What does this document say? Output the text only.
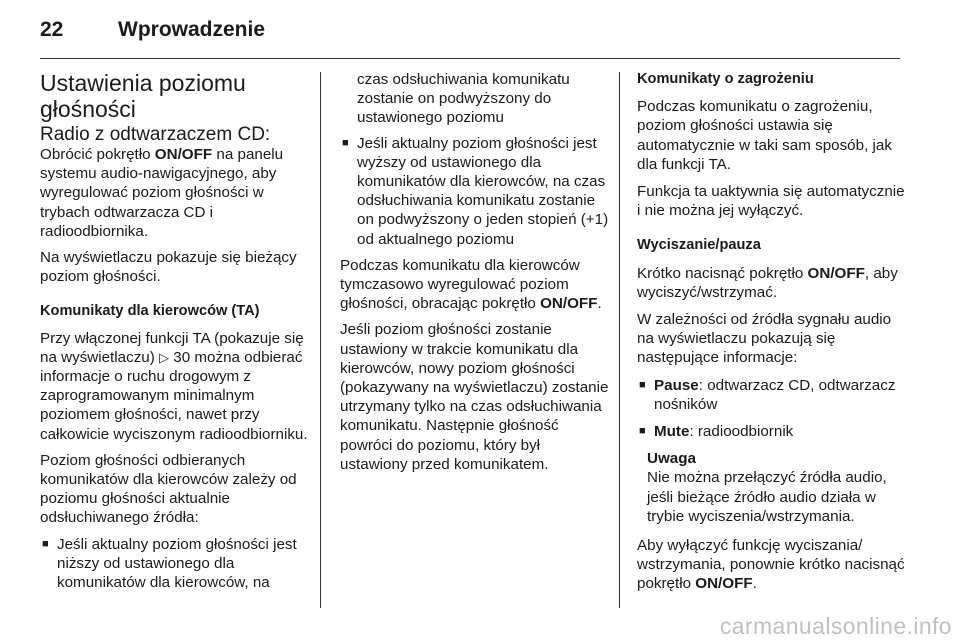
22	Wprowadzenie
Ustawienia poziomu głośności
Radio z odtwarzaczem CD:

Obrócić pokrętło ON/OFF na panelu systemu audio-nawigacyjnego, aby wyregulować poziom głośności w trybach odtwarzacza CD i radioodbiornika.

Na wyświetlaczu pokazuje się bieżący poziom głośności.

Komunikaty dla kierowców (TA)

Przy włączonej funkcji TA (pokazuje się na wyświetlaczu) ▷ 30 można odbierać informacje o ruchu drogowym z zaprogramowanym minimalnym poziomem głośności, nawet przy całkowicie wyciszonym radioodbiorniku.

Poziom głośności odbieranych komunikatów dla kierowców zależy od poziomu głośności aktualnie odsłuchiwanego źródła:

■ Jeśli aktualny poziom głośności jest niższy od ustawionego dla komunikatów dla kierowców, na

czas odsłuchiwania komunikatu zostanie on podwyższony do ustawionego poziomu

■ Jeśli aktualny poziom głośności jest wyższy od ustawionego dla komunikatów dla kierowców, na czas odsłuchiwania komunikatu zostanie on podwyższony o jeden stopień (+1) od aktualnego poziomu

Podczas komunikatu dla kierowców tymczasowo wyregulować poziom głośności, obracając pokrętło ON/OFF.

Jeśli poziom głośności zostanie ustawiony w trakcie komunikatu dla kierowców, nowy poziom głośności (pokazywany na wyświetlaczu) zostanie utrzymany tylko na czas odsłuchiwania komunikatu. Następnie głośność powróci do poziomu, który był ustawiony przed komunikatem.

Komunikaty o zagrożeniu

Podczas komunikatu o zagrożeniu, poziom głośności ustawia się automatycznie w taki sam sposób, jak dla funkcji TA.

Funkcja ta uaktywnia się automatycznie i nie można jej wyłączyć.

Wyciszanie/pauza

Krótko nacisnąć pokrętło ON/OFF, aby wyciszyć/wstrzymać.

W zależności od źródła sygnału audio na wyświetlaczu pokazują się następujące informacje:

■ Pause: odtwarzacz CD, odtwarzacz nośników

■ Mute: radioodbiornik

Uwaga
Nie można przełączyć źródła audio, jeśli bieżące źródło audio działa w trybie wyciszenia/wstrzymania.

Aby wyłączyć funkcję wyciszania/ wstrzymania, ponownie krótko nacisnąć pokrętło ON/OFF.

carmanualsonline.info
